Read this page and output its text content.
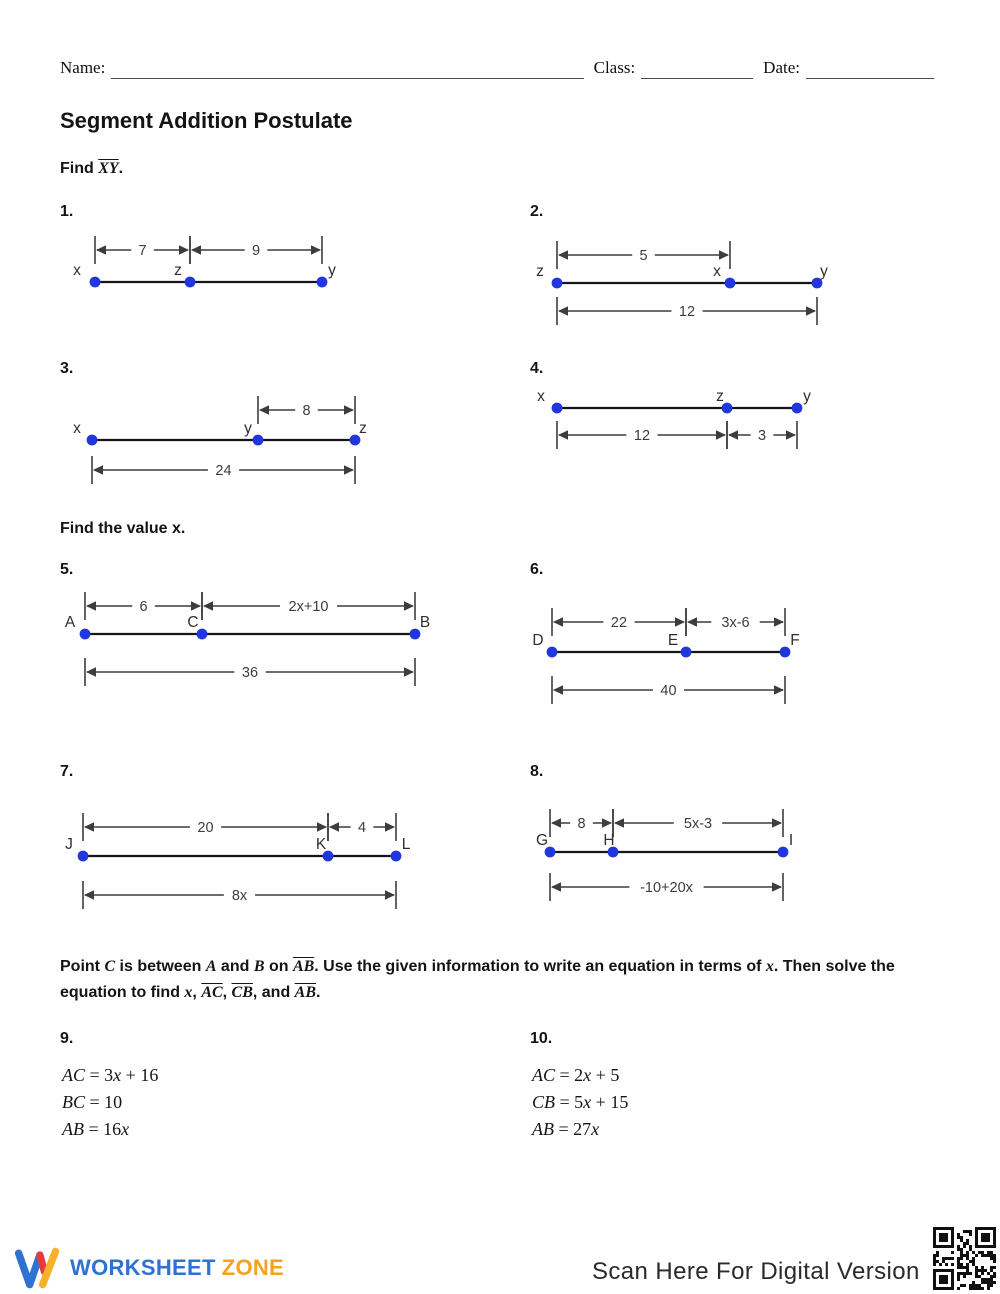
Name:	Class:	Date:
Segment Addition Postulate
Find $\overline{XY}$.
Find the value x.
Point C is between A and B on $\overline{AB}$. Use the given information to write an equation in terms of x. Then solve the
equation to find x, $\overline{AC}$, $\overline{CB}$, and $\overline{AB}$.
1.
7	9
x	z	y
2.
5
12
z	x	y
3.
8
24
x	y	z
4.
12	3
x	z	y
5.
6	2x+10
36
A	C	B
6.
22	3x-6
40
D	E	F
7.
20	4
8x
J	K	L
8.
8	5x-3
-10+20x
G	H	I
9.
AC = 3x + 16
BC = 10
AB = 16x
10.
AC = 2x + 5
CB = 5x + 15
AB = 27x
WORKSHEET ZONE	Scan Here For Digital Version
